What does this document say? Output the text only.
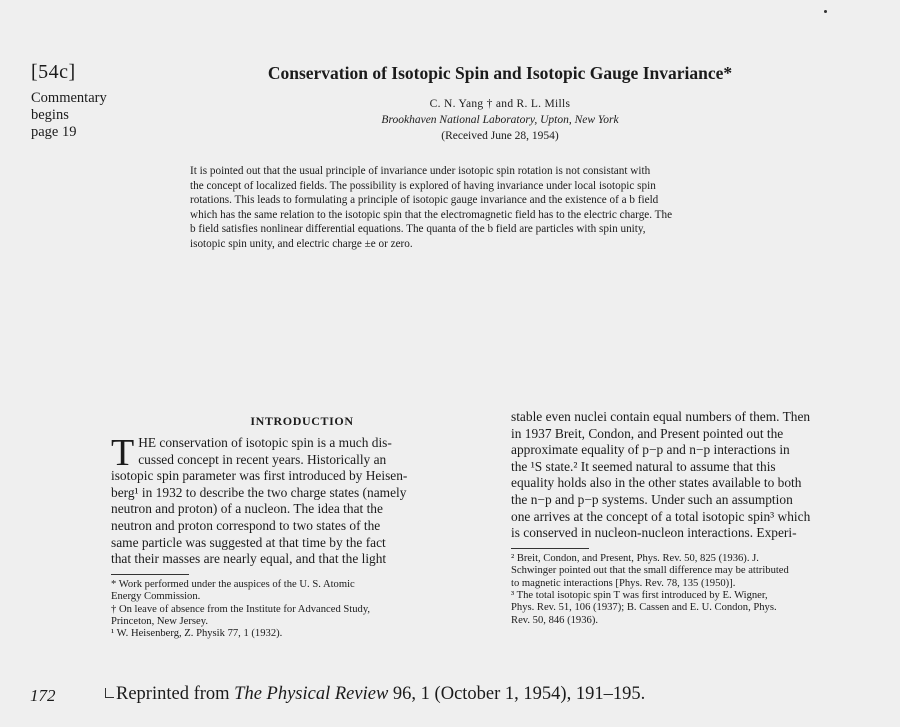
[54c]
Commentary
begins
page 19
Conservation of Isotopic Spin and Isotopic Gauge Invariance*
C. N. Yang † and R. L. Mills
Brookhaven National Laboratory, Upton, New York
(Received June 28, 1954)
It is pointed out that the usual principle of invariance under isotopic spin rotation is not consistant with
the concept of localized fields. The possibility is explored of having invariance under local isotopic spin
rotations. This leads to formulating a principle of isotopic gauge invariance and the existence of a b field
which has the same relation to the isotopic spin that the electromagnetic field has to the electric charge. The
b field satisfies nonlinear differential equations. The quanta of the b field are particles with spin unity,
isotopic spin unity, and electric charge ±e or zero.
INTRODUCTION
T HE conservation of isotopic spin is a much dis-
cussed concept in recent years. Historically an
isotopic spin parameter was first introduced by Heisen-
berg¹ in 1932 to describe the two charge states (namely
neutron and proton) of a nucleon. The idea that the
neutron and proton correspond to two states of the
same particle was suggested at that time by the fact
that their masses are nearly equal, and that the light
* Work performed under the auspices of the U. S. Atomic
Energy Commission.
† On leave of absence from the Institute for Advanced Study,
Princeton, New Jersey.
¹ W. Heisenberg, Z. Physik 77, 1 (1932).
stable even nuclei contain equal numbers of them. Then
in 1937 Breit, Condon, and Present pointed out the
approximate equality of p−p and n−p interactions in
the ¹S state.² It seemed natural to assume that this
equality holds also in the other states available to both
the n−p and p−p systems. Under such an assumption
one arrives at the concept of a total isotopic spin³ which
is conserved in nucleon-nucleon interactions. Experi-
² Breit, Condon, and Present, Phys. Rev. 50, 825 (1936). J.
Schwinger pointed out that the small difference may be attributed
to magnetic interactions [Phys. Rev. 78, 135 (1950)].
³ The total isotopic spin T was first introduced by E. Wigner,
Phys. Rev. 51, 106 (1937); B. Cassen and E. U. Condon, Phys.
Rev. 50, 846 (1936).
172	Reprinted from The Physical Review 96, 1 (October 1, 1954), 191–195.
